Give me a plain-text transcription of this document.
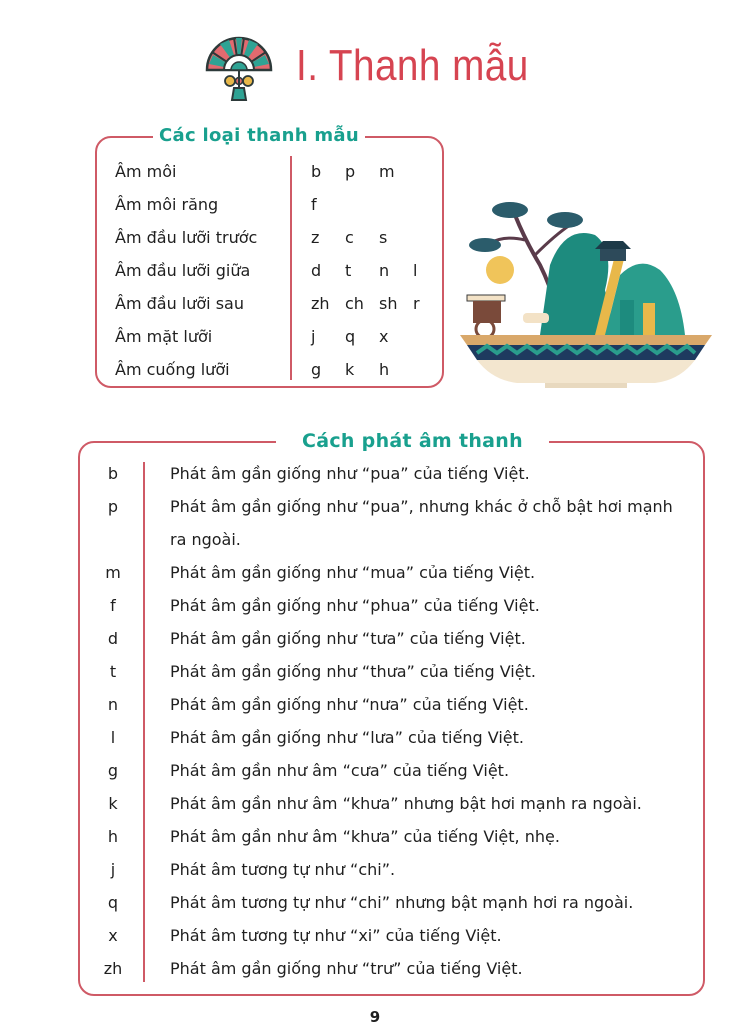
I. Thanh mẫu
Các loại thanh mẫu
Âm môi	b	p	m
Âm môi răng	f
Âm đầu lưỡi trước	z	c	s
Âm đầu lưỡi giữa	d	t	n	l
Âm đầu lưỡi sau	zh ch sh r
Âm mặt lưỡi	j	q	x
Âm cuống lưỡi	g	k	h
Cách phát âm thanh
b	Phát âm gần giống như “pua” của tiếng Việt.
p	Phát âm gần giống như “pua”, nhưng khác ở chỗ bật hơi mạnh ra ngoài.
m	Phát âm gần giống như “mua” của tiếng Việt.
f	Phát âm gần giống như “phua” của tiếng Việt.
d	Phát âm gần giống như “tưa” của tiếng Việt.
t	Phát âm gần giống như “thưa” của tiếng Việt.
n	Phát âm gần giống như “nưa” của tiếng Việt.
l	Phát âm gần giống như “lưa” của tiếng Việt.
g	Phát âm gần như âm “cưa” của tiếng Việt.
k	Phát âm gần như âm “khưa” nhưng bật hơi mạnh ra ngoài.
h	Phát âm gần như âm “khưa” của tiếng Việt, nhẹ.
j	Phát âm tương tự như “chi”.
q	Phát âm tương tự như “chi” nhưng bật mạnh hơi ra ngoài.
x	Phát âm tương tự như “xi” của tiếng Việt.
zh	Phát âm gần giống như “trư” của tiếng Việt.
9
